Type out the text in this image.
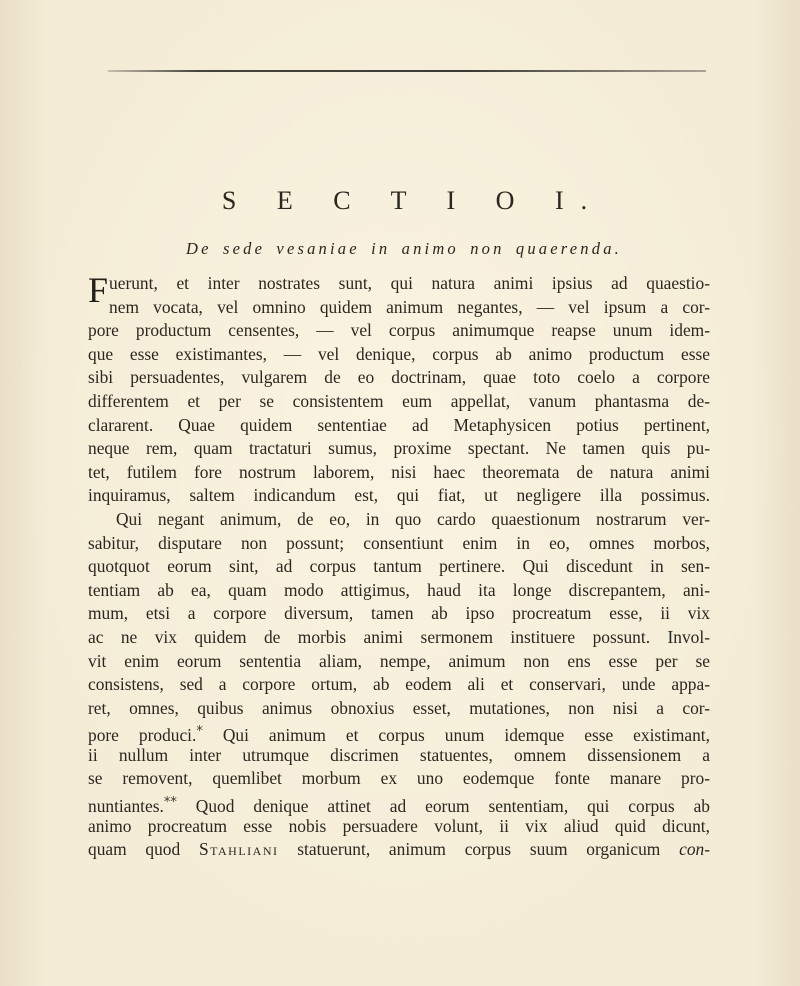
S E C T I O I.
De sede vesaniae in animo non quaerenda.
Fuerunt, et inter nostrates sunt, qui natura animi ipsius ad quaestio-
nem vocata, vel omnino quidem animum negantes, — vel ipsum a cor-
pore productum censentes, — vel corpus animumque reapse unum idem-
que esse existimantes, — vel denique, corpus ab animo productum esse
sibi persuadentes, vulgarem de eo doctrinam, quae toto coelo a corpore
differentem et per se consistentem eum appellat, vanum phantasma de-
clararent. Quae quidem sententiae ad Metaphysicen potius pertinent,
neque rem, quam tractaturi sumus, proxime spectant. Ne tamen quis pu-
tet, futilem fore nostrum laborem, nisi haec theoremata de natura animi
inquiramus, saltem indicandum est, qui fiat, ut negligere illa possimus.
Qui negant animum, de eo, in quo cardo quaestionum nostrarum ver-
sabitur, disputare non possunt; consentiunt enim in eo, omnes morbos,
quotquot eorum sint, ad corpus tantum pertinere. Qui discedunt in sen-
tentiam ab ea, quam modo attigimus, haud ita longe discrepantem, ani-
mum, etsi a corpore diversum, tamen ab ipso procreatum esse, ii vix
ac ne vix quidem de morbis animi sermonem instituere possunt. Invol-
vit enim eorum sententia aliam, nempe, animum non ens esse per se
consistens, sed a corpore ortum, ab eodem ali et conservari, unde appa-
ret, omnes, quibus animus obnoxius esset, mutationes, non nisi a cor-
pore produci.* Qui animum et corpus unum idemque esse existimant,
ii nullum inter utrumque discrimen statuentes, omnem dissensionem a
se removent, quemlibet morbum ex uno eodemque fonte manare pro-
nuntiantes.** Quod denique attinet ad eorum sententiam, qui corpus ab
animo procreatum esse nobis persuadere volunt, ii vix aliud quid dicunt,
quam quod Stahliani statuerunt, animum corpus suum organicum con-
